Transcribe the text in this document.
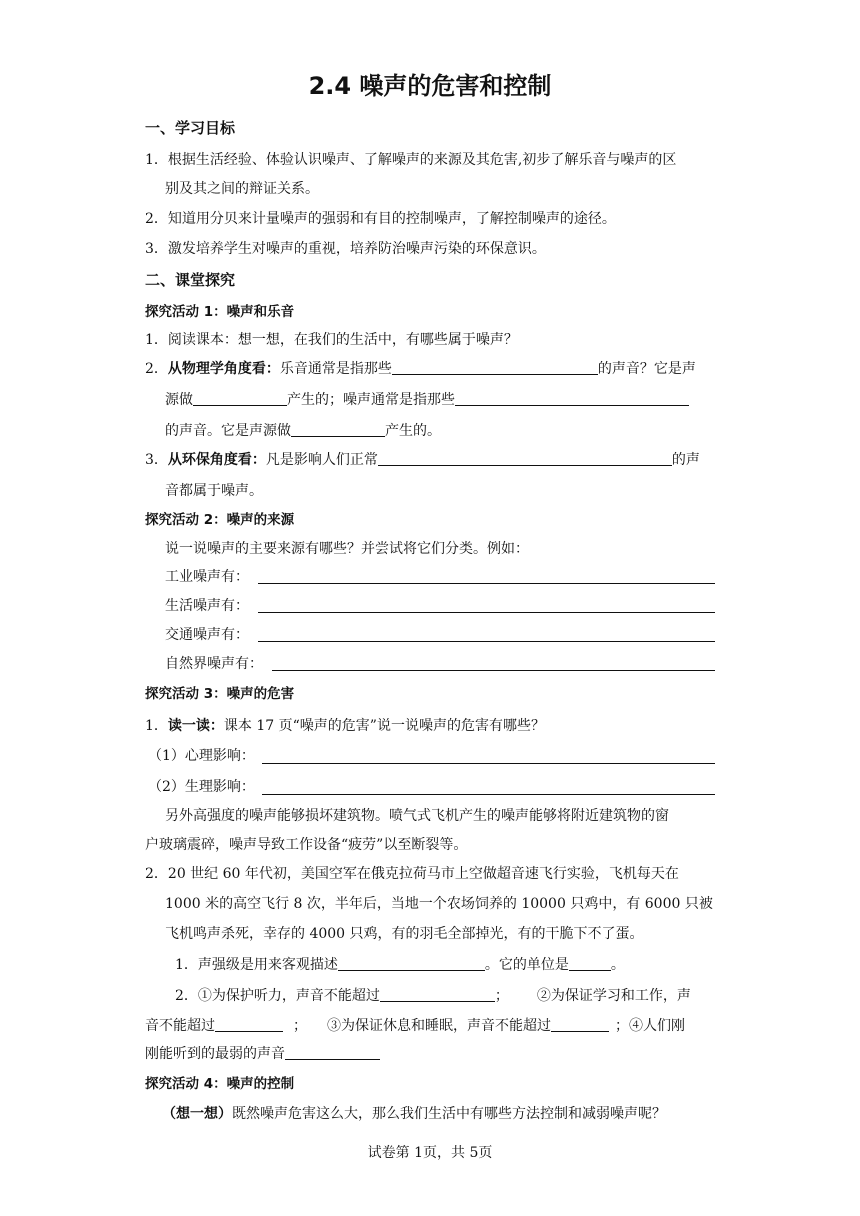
2.4 噪声的危害和控制
一、学习目标
1．根据生活经验、体验认识噪声、了解噪声的来源及其危害,初步了解乐音与噪声的区
别及其之间的辩证关系。
2．知道用分贝来计量噪声的强弱和有目的控制噪声，了解控制噪声的途径。
3．激发培养学生对噪声的重视，培养防治噪声污染的环保意识。
二、课堂探究
探究活动 1：噪声和乐音
1．阅读课本：想一想，在我们的生活中，有哪些属于噪声？
2．从物理学角度看：乐音通常是指那些	的声音？它是声
源做	产生的；噪声通常是指那些
的声音。它是声源做	产生的。
3．从环保角度看：凡是影响人们正常	的声
音都属于噪声。
探究活动 2：噪声的来源
说一说噪声的主要来源有哪些？并尝试将它们分类。例如：
工业噪声有：
生活噪声有：
交通噪声有：
自然界噪声有：
探究活动 3：噪声的危害
1．读一读：课本 17 页“噪声的危害”说一说噪声的危害有哪些？
（1）心理影响：
（2）生理影响：
另外高强度的噪声能够损坏建筑物。喷气式飞机产生的噪声能够将附近建筑物的窗
户玻璃震碎，噪声导致工作设备“疲劳”以至断裂等。
2．20 世纪 60 年代初，美国空军在俄克拉荷马市上空做超音速飞行实验，飞机每天在
1000 米的高空飞行 8 次，半年后，当地一个农场饲养的 10000 只鸡中，有 6000 只被
飞机鸣声杀死，幸存的 4000 只鸡，有的羽毛全部掉光，有的干脆下不了蛋。
1．声强级是用来客观描述	。它的单位是	。
2．①为保护听力，声音不能超过	； ②为保证学习和工作，声
音不能超过	； ③为保证休息和睡眠，声音不能超过	；④人们刚
刚能听到的最弱的声音
探究活动 4：噪声的控制
（想一想）既然噪声危害这么大，那么我们生活中有哪些方法控制和减弱噪声呢？
试卷第 1页，共 5页
